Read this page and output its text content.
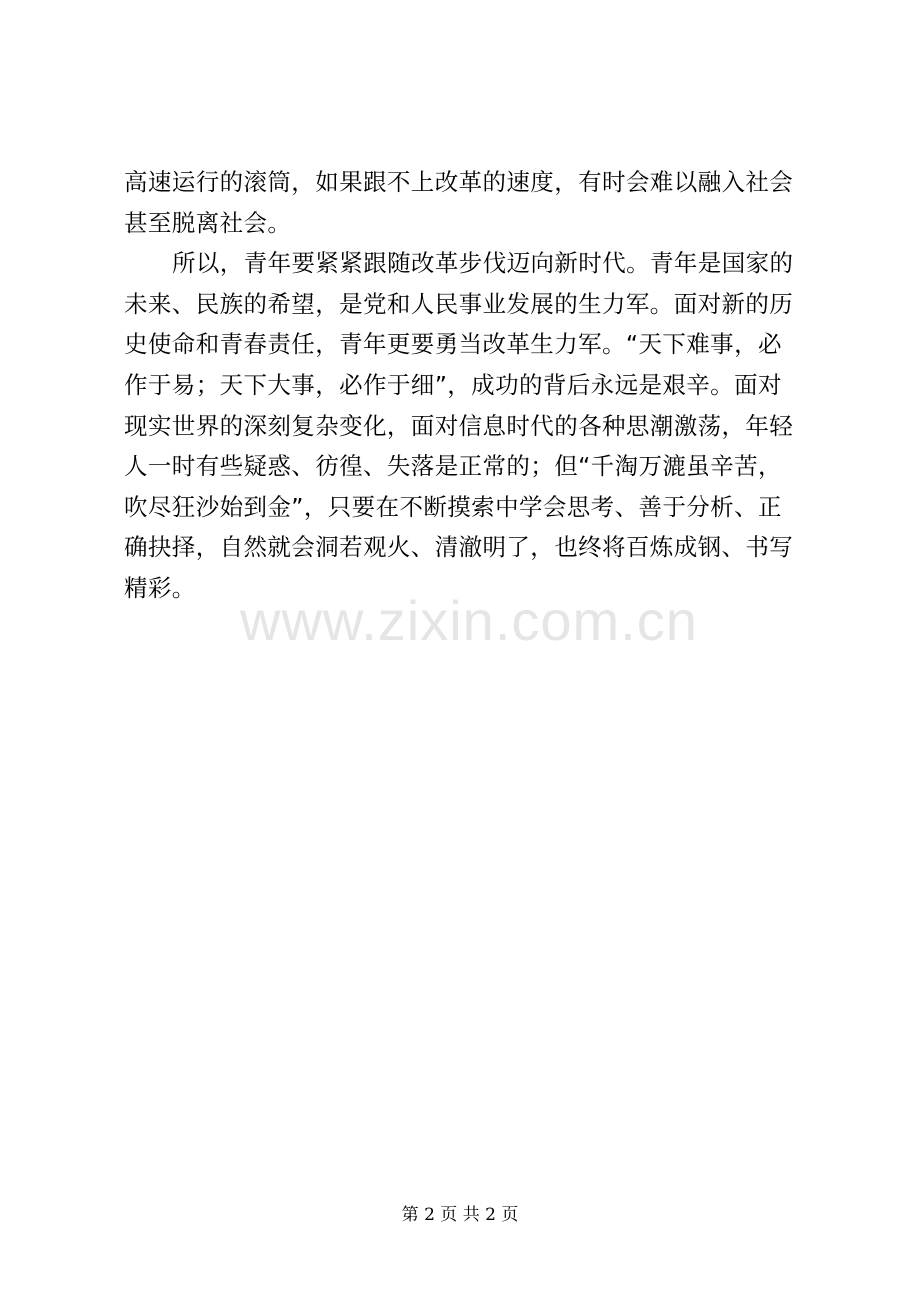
高速运行的滚筒，如果跟不上改革的速度，有时会难以融入社会
甚至脱离社会。
所以，青年要紧紧跟随改革步伐迈向新时代。青年是国家的
未来、民族的希望，是党和人民事业发展的生力军。面对新的历
史使命和青春责任，青年更要勇当改革生力军。“天下难事，必
作于易；天下大事，必作于细”，成功的背后永远是艰辛。面对
现实世界的深刻复杂变化，面对信息时代的各种思潮激荡，年轻
人一时有些疑惑、彷徨、失落是正常的；但“千淘万漉虽辛苦，
吹尽狂沙始到金”，只要在不断摸索中学会思考、善于分析、正
确抉择，自然就会洞若观火、清澈明了，也终将百炼成钢、书写
精彩。
www.zixin.com.cn
第 2 页 共 2 页
